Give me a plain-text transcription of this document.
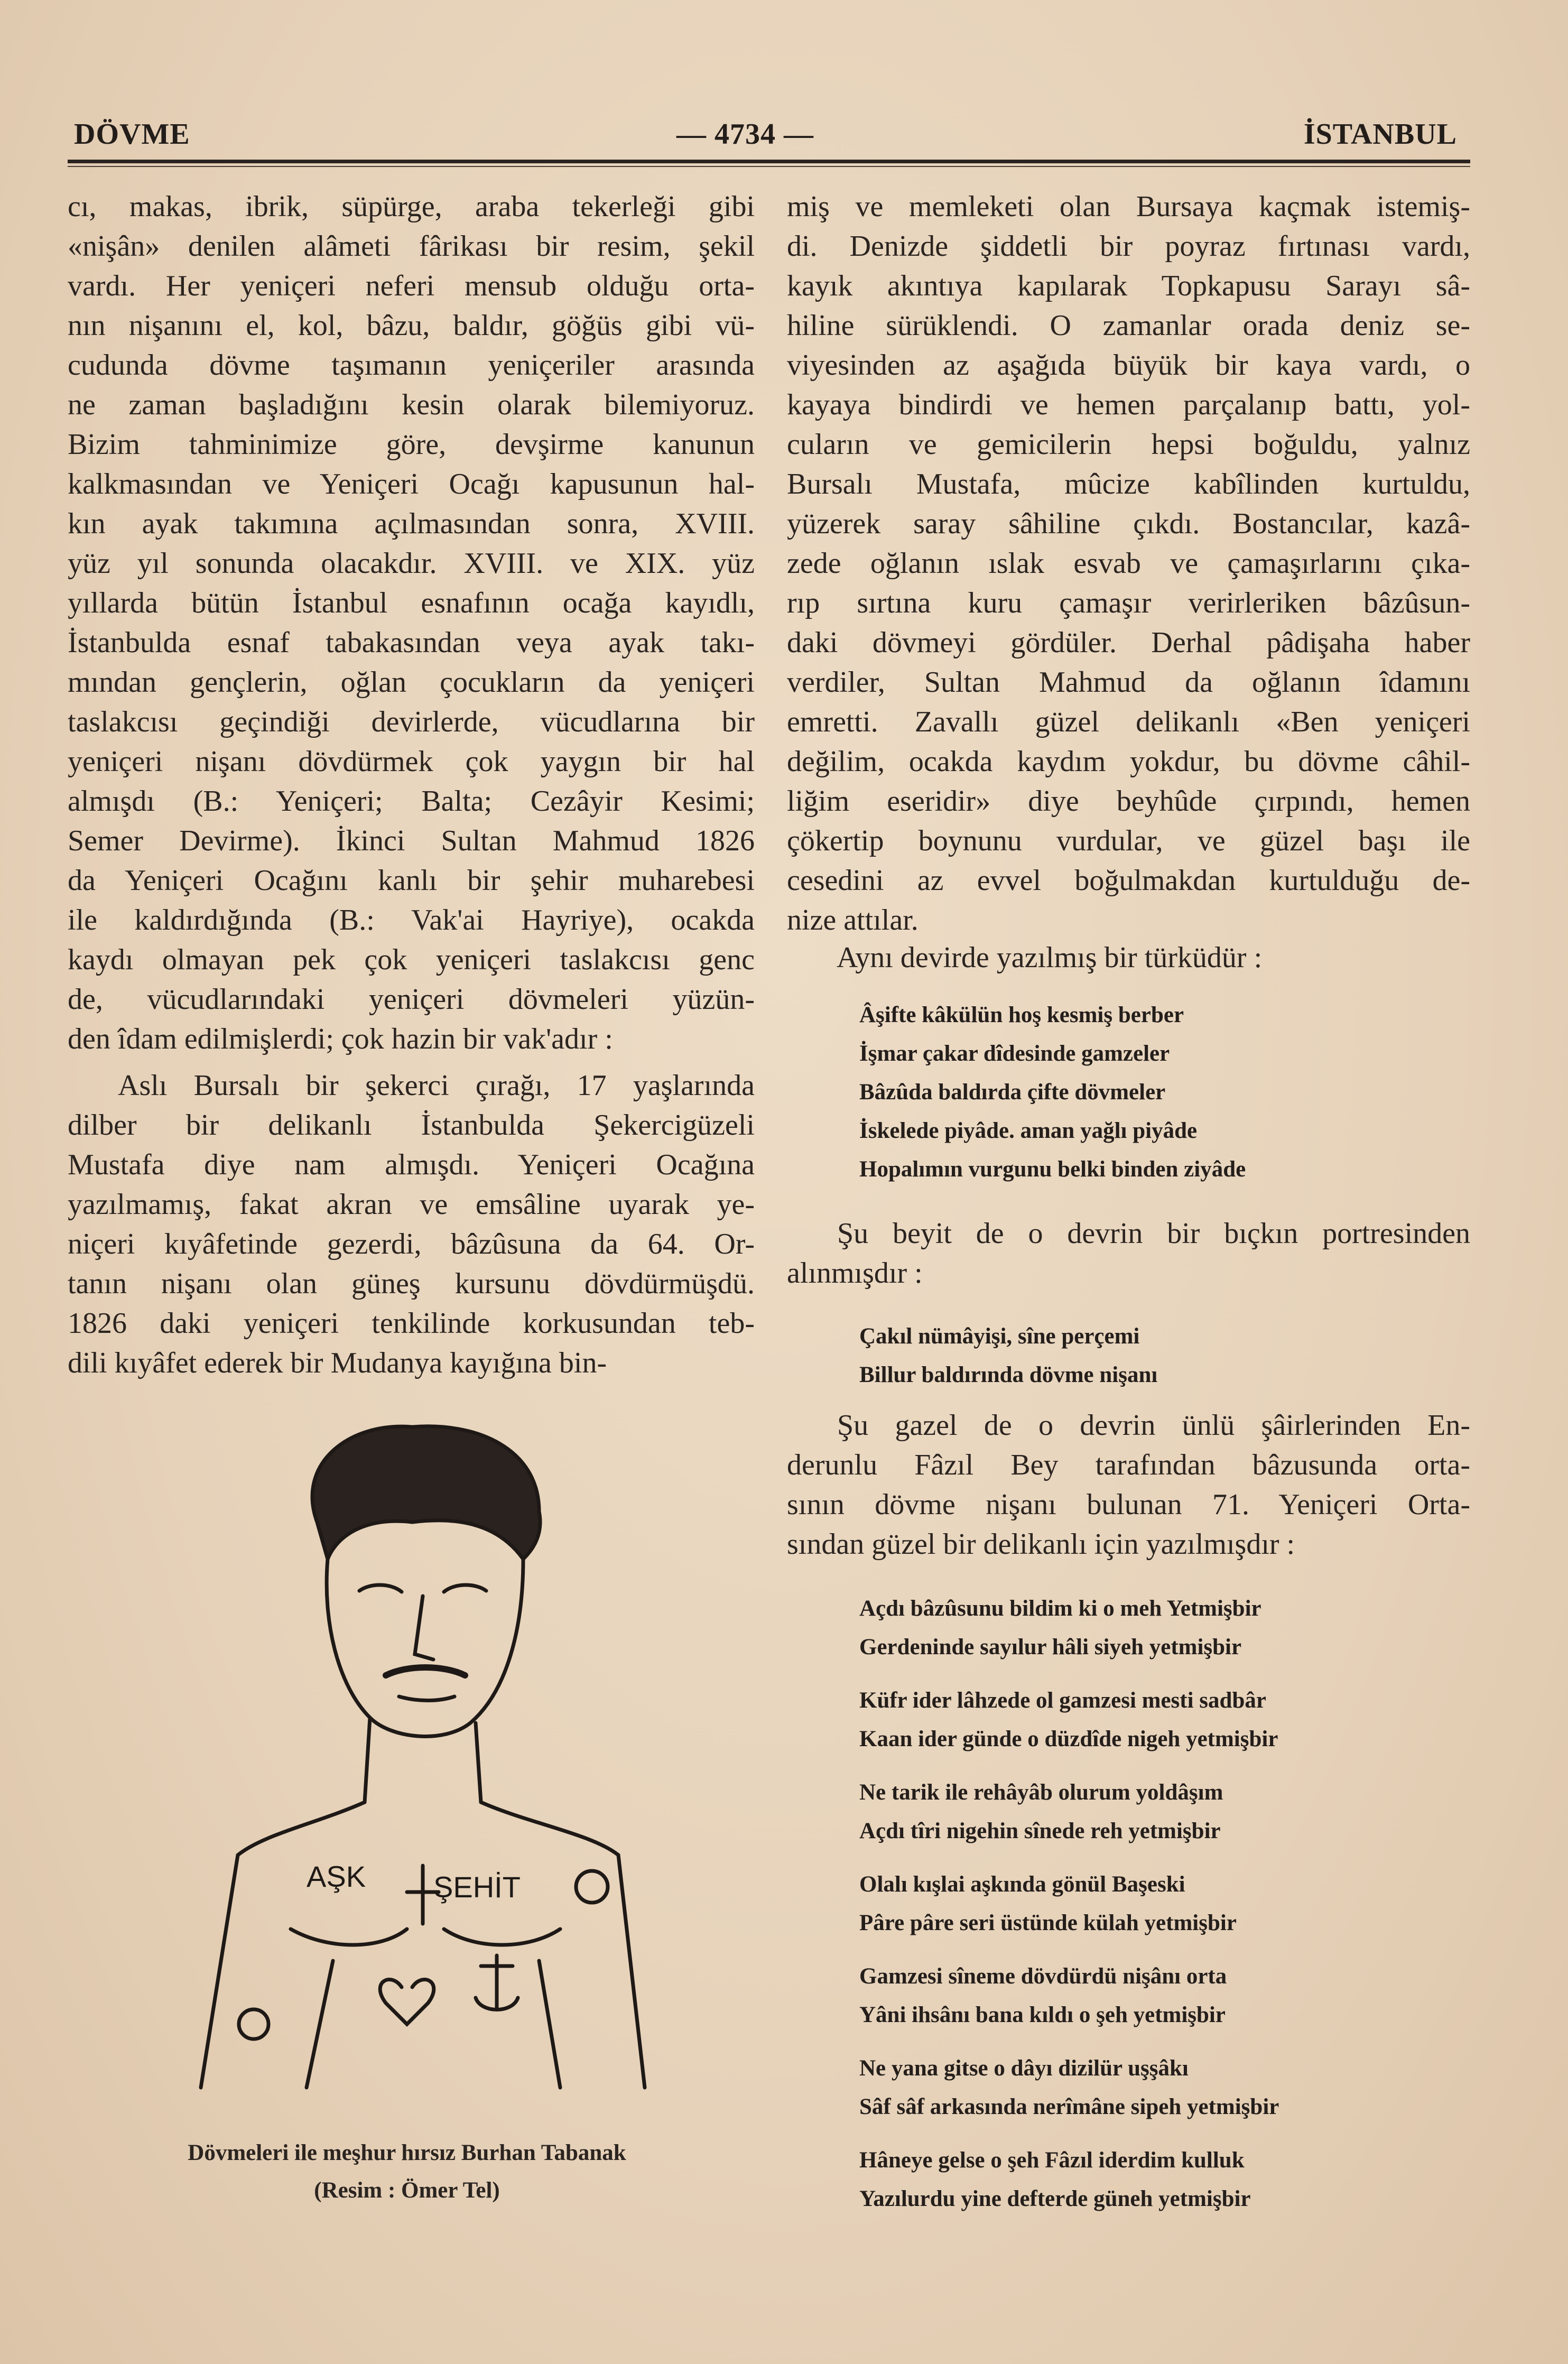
DÖVME	— 4734 —	İSTANBUL
cı, makas, ibrik, süpürge, araba tekerleği gibi
«nişân» denilen alâmeti fârikası bir resim, şekil
vardı. Her yeniçeri neferi mensub olduğu orta-
nın nişanını el, kol, bâzu, baldır, göğüs gibi vü-
cudunda dövme taşımanın yeniçeriler arasında
ne zaman başladığını kesin olarak bilemiyoruz.
Bizim tahminimize göre, devşirme kanunun
kalkmasından ve Yeniçeri Ocağı kapusunun hal-
kın ayak takımına açılmasından sonra, XVIII.
yüz yıl sonunda olacakdır. XVIII. ve XIX. yüz
yıllarda bütün İstanbul esnafının ocağa kayıdlı,
İstanbulda esnaf tabakasından veya ayak takı-
mından gençlerin, oğlan çocukların da yeniçeri
taslakcısı geçindiği devirlerde, vücudlarına bir
yeniçeri nişanı dövdürmek çok yaygın bir hal
almışdı (B.: Yeniçeri; Balta; Cezâyir Kesimi;
Semer Devirme). İkinci Sultan Mahmud 1826
da Yeniçeri Ocağını kanlı bir şehir muharebesi
ile kaldırdığında (B.: Vak'ai Hayriye), ocakda
kaydı olmayan pek çok yeniçeri taslakcısı genc
de, vücudlarındaki yeniçeri dövmeleri yüzün-
den îdam edilmişlerdi; çok hazin bir vak'adır :
Aslı Bursalı bir şekerci çırağı, 17 yaşlarında
dilber bir delikanlı İstanbulda Şekercigüzeli
Mustafa diye nam almışdı. Yeniçeri Ocağına
yazılmamış, fakat akran ve emsâline uyarak ye-
niçeri kıyâfetinde gezerdi, bâzûsuna da 64. Or-
tanın nişanı olan güneş kursunu dövdürmüşdü.
1826 daki yeniçeri tenkilinde korkusundan teb-
dili kıyâfet ederek bir Mudanya kayığına bin-
AŞK ŞEHİT
Dövmeleri ile meşhur hırsız Burhan Tabanak
(Resim : Ömer Tel)
miş ve memleketi olan Bursaya kaçmak istemiş-
di. Denizde şiddetli bir poyraz fırtınası vardı,
kayık akıntıya kapılarak Topkapusu Sarayı sâ-
hiline sürüklendi. O zamanlar orada deniz se-
viyesinden az aşağıda büyük bir kaya vardı, o
kayaya bindirdi ve hemen parçalanıp battı, yol-
cuların ve gemicilerin hepsi boğuldu, yalnız
Bursalı Mustafa, mûcize kabîlinden kurtuldu,
yüzerek saray sâhiline çıkdı. Bostancılar, kazâ-
zede oğlanın ıslak esvab ve çamaşırlarını çıka-
rıp sırtına kuru çamaşır verirleriken bâzûsun-
daki dövmeyi gördüler. Derhal pâdişaha haber
verdiler, Sultan Mahmud da oğlanın îdamını
emretti. Zavallı güzel delikanlı «Ben yeniçeri
değilim, ocakda kaydım yokdur, bu dövme câhil-
liğim eseridir» diye beyhûde çırpındı, hemen
çökertip boynunu vurdular, ve güzel başı ile
cesedini az evvel boğulmakdan kurtulduğu de-
nize attılar.
Aynı devirde yazılmış bir türküdür :
Âşifte kâkülün hoş kesmiş berber
İşmar çakar dîdesinde gamzeler
Bâzûda baldırda çifte dövmeler
İskelede piyâde. aman yağlı piyâde
Hopalımın vurgunu belki binden ziyâde
Şu beyit de o devrin bir bıçkın portresinden
alınmışdır :
Çakıl nümâyişi, sîne perçemi
Billur baldırında dövme nişanı
Şu gazel de o devrin ünlü şâirlerinden En-
derunlu Fâzıl Bey tarafından bâzusunda orta-
sının dövme nişanı bulunan 71. Yeniçeri Orta-
sından güzel bir delikanlı için yazılmışdır :
Açdı bâzûsunu bildim ki o meh Yetmişbir
Gerdeninde sayılur hâli siyeh yetmişbir
Küfr ider lâhzede ol gamzesi mesti sadbâr
Kaan ider günde o düzdîde nigeh yetmişbir
Ne tarik ile rehâyâb olurum yoldâşım
Açdı tîri nigehin sînede reh yetmişbir
Olalı kışlai aşkında gönül Başeski
Pâre pâre seri üstünde külah yetmişbir
Gamzesi sîneme dövdürdü nişânı orta
Yâni ihsânı bana kıldı o şeh yetmişbir
Ne yana gitse o dâyı dizilür uşşâkı
Sâf sâf arkasında nerîmâne sipeh yetmişbir
Hâneye gelse o şeh Fâzıl iderdim kulluk
Yazılurdu yine defterde güneh yetmişbir
